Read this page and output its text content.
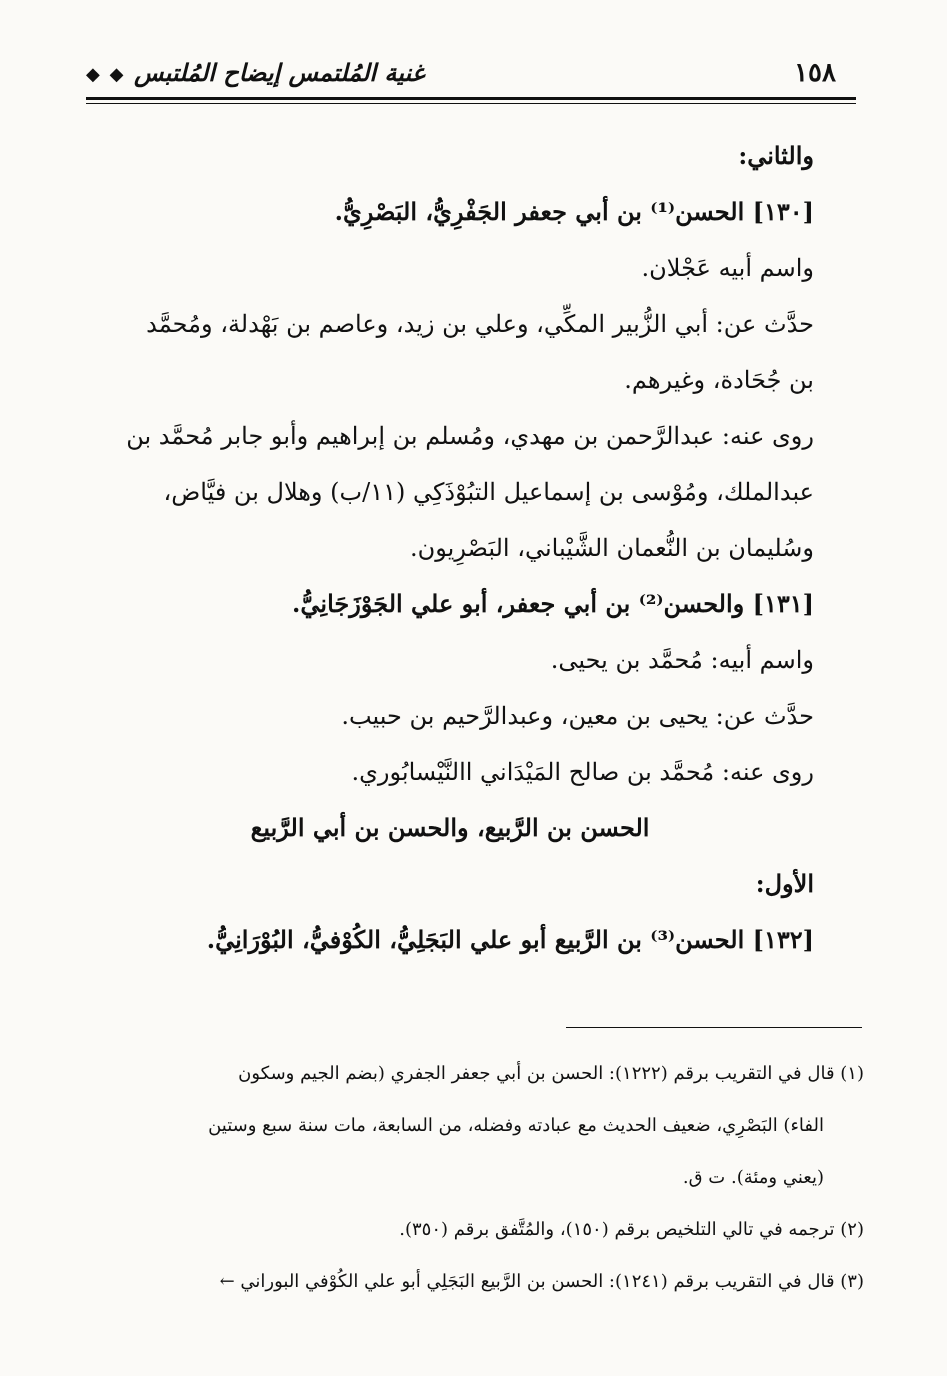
١٥٨
غنية المُلتمس إيضاح المُلتبس
◆ ◆
والثاني:
[١٣٠] الحسن⁽¹⁾ بن أبي جعفر الجَفْرِيُّ، البَصْرِيُّ.
واسم أبيه عَجْلان.
حدَّث عن: أبي الزُّبير المكِّي، وعلي بن زيد، وعاصم بن بَهْدلة، ومُحمَّد
بن جُحَادة، وغيرهم.
روى عنه: عبدالرَّحمن بن مهدي، ومُسلم بن إبراهيم وأبو جابر مُحمَّد بن
عبدالملك، ومُوْسى بن إسماعيل التبُوْذَكِي (١١/ب) وهلال بن فيَّاض،
وسُليمان بن النُّعمان الشَّيْباني، البَصْرِيون.
[١٣١] والحسن⁽²⁾ بن أبي جعفر، أبو علي الجَوْزَجَانِيُّ.
واسم أبيه: مُحمَّد بن يحيى.
حدَّث عن: يحيى بن معين، وعبدالرَّحيم بن حبيب.
روى عنه: مُحمَّد بن صالح المَيْدَاني االنَّيْسابُوري.
الحسن بن الرَّبيع، والحسن بن أبي الرَّبيع
الأول:
[١٣٢] الحسن⁽³⁾ بن الرَّبيع أبو علي البَجَلِيُّ، الكُوْفيُّ، البُوْرَانِيُّ.
(١) قال في التقريب برقم (١٢٢٢): الحسن بن أبي جعفر الجفري (بضم الجيم وسكون
الفاء) البَصْرِي، ضعيف الحديث مع عبادته وفضله، من السابعة، مات سنة سبع وستين
(يعني ومئة). ت ق.
(٢) ترجمه في تالي التلخيص برقم (١٥٠)، والمُتَّفق برقم (٣٥٠).
(٣) قال في التقريب برقم (١٢٤١): الحسن بن الرَّبيع البَجَلِي أبو علي الكُوْفي البوراني ←
